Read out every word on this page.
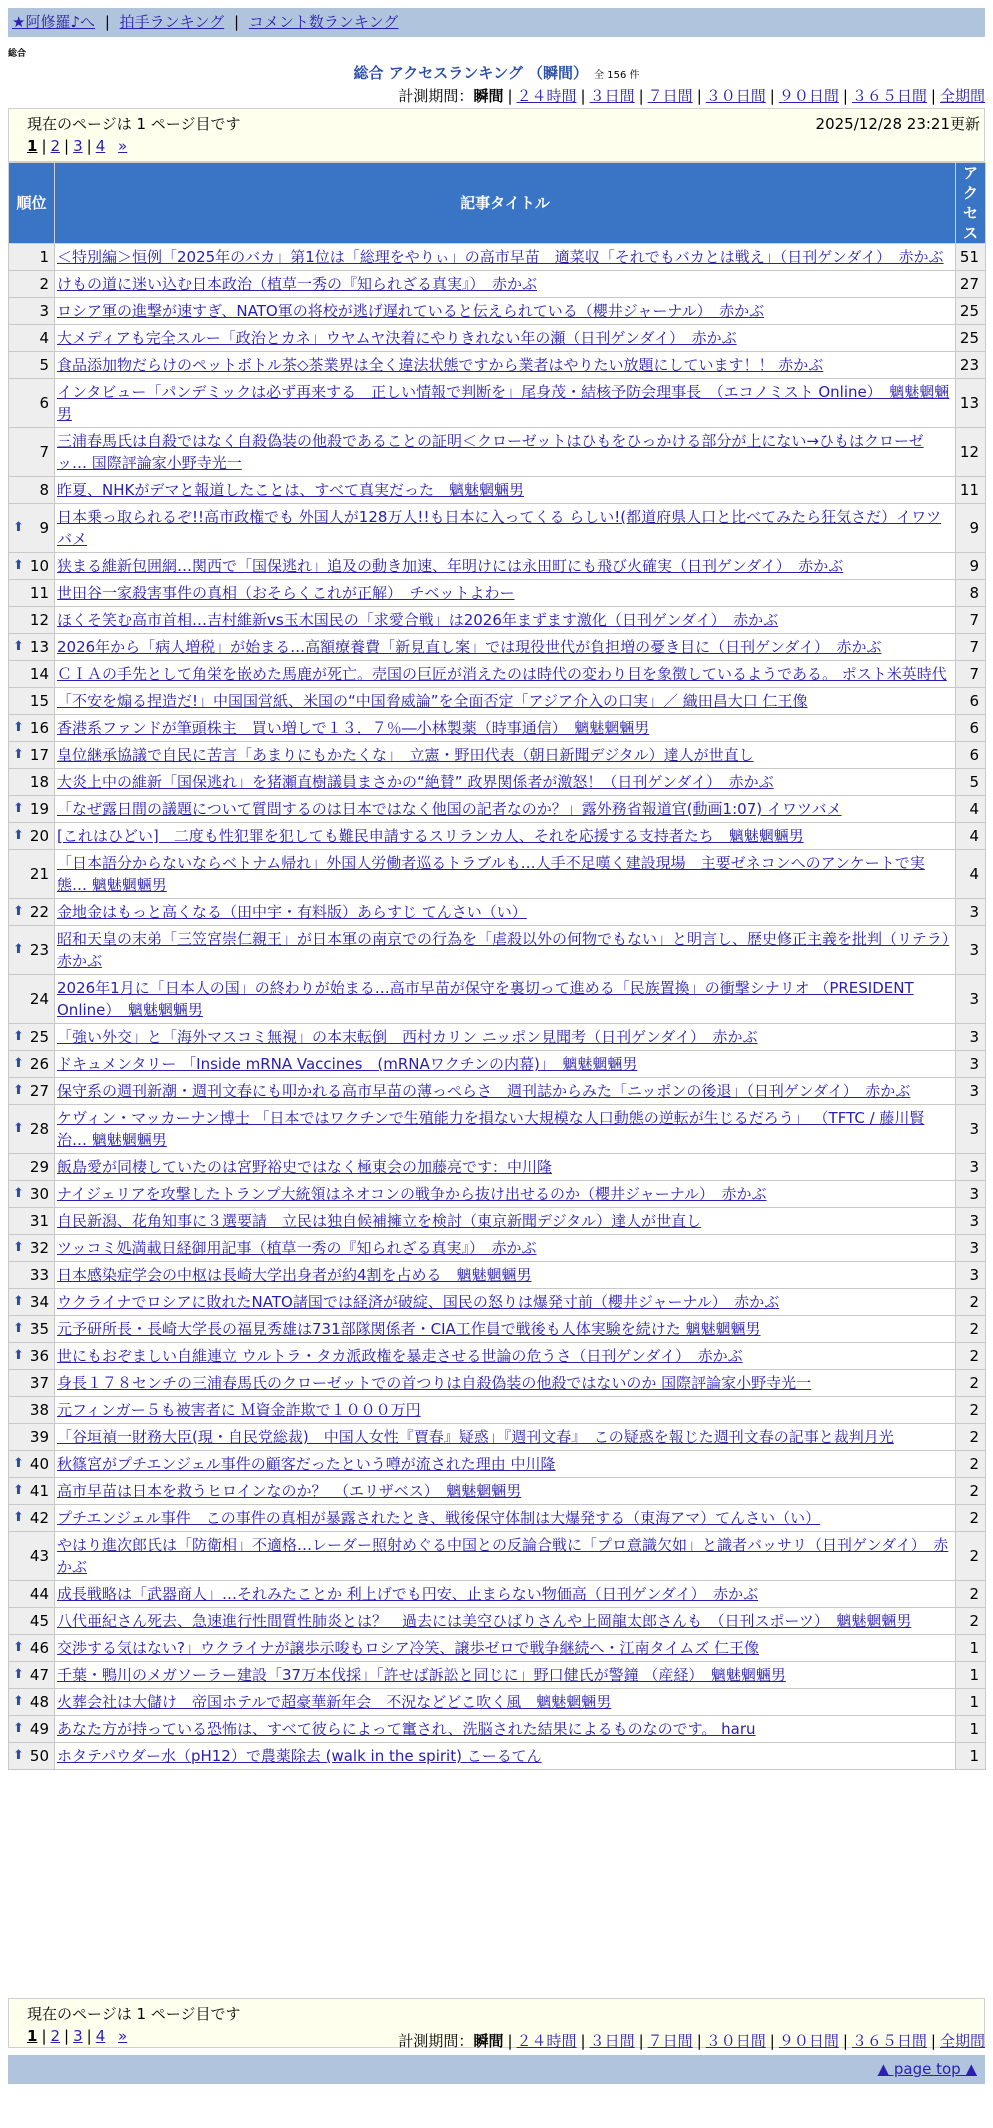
★阿修羅♪へ | 拍手ランキング | コメント数ランキング
総合
総合 アクセスランキング （瞬間） 全 156 件
計測期間：瞬間 | ２４時間 | ３日間 | ７日間 | ３０日間 | ９０日間 | ３６５日間 | 全期間
現在のページは 1 ページ目です	2025/12/28 23:21更新
1 | 2 | 3 | 4 »
順位	記事タイトル	アクセス
1	＜特別編＞恒例「2025年のバカ」第1位は「総理をやりぃ」の高市早苗　適菜収「それでもバカとは戦え」（日刊ゲンダイ）　赤かぶ	51
2	けもの道に迷い込む日本政治（植草一秀の『知られざる真実』）　赤かぶ	27
3	ロシア軍の進撃が速すぎ、NATO軍の将校が逃げ遅れていると伝えられている（櫻井ジャーナル）　赤かぶ	25
4	大メディアも完全スルー「政治とカネ」ウヤムヤ決着にやりきれない年の瀬（日刊ゲンダイ）　赤かぶ	25
5	食品添加物だらけのペットボトル茶◇茶業界は全く違法状態ですから業者はやりたい放題にしています！！ 赤かぶ	23
6	インタビュー「パンデミックは必ず再来する　正しい情報で判断を」尾身茂・結核予防会理事長　（エコノミスト Online）　魑魅魍魎男	13
7	三浦春馬氏は自殺ではなく自殺偽装の他殺であることの証明＜クローゼットはひもをひっかける部分が上にない→ひもはクローゼッ… 国際評論家小野寺光一	12
8	昨夏、NHKがデマと報道したことは、すべて真実だった　魑魅魍魎男	11

⬆ 9	日本乗っ取られるぞ!!高市政権でも 外国人が128万人!!も日本に入ってくる らしい!(都道府県人口と比べてみたら狂気さだ）イワツバメ	9

⬆ 10	狭まる維新包囲網…関西で「国保逃れ」追及の動き加速、年明けには永田町にも飛び火確実（日刊ゲンダイ）　赤かぶ	9
11	世田谷一家殺害事件の真相（おそらくこれが正解）　チベットよわー	8
12	ほくそ笑む高市首相…吉村維新vs玉木国民の「求愛合戦」は2026年まずます激化（日刊ゲンダイ）　赤かぶ	7

⬆ 13	2026年から「病人増税」が始まる…高額療養費「新見直し案」では現役世代が負担増の憂き目に（日刊ゲンダイ）　赤かぶ	7
14	ＣＩＡの手先として角栄を嵌めた馬鹿が死亡。売国の巨匠が消えたのは時代の変わり目を象徴しているようである。 ポスト米英時代	7
15	「不安を煽る捏造だ!」中国国営紙、米国の“中国脅威論”を全面否定「アジア介入の口実」／ 織田昌大口 仁王像	6

⬆ 16	香港系ファンドが筆頭株主　買い増しで１３．７％―小林製薬（時事通信）　魑魅魍魎男	6

⬆ 17	皇位継承協議で自民に苦言「あまりにもかたくな」　立憲・野田代表（朝日新聞デジタル）達人が世直し	6
18	大炎上中の維新「国保逃れ」を猪瀬直樹議員まさかの“絶賛” 政界関係者が激怒！（日刊ゲンダイ）　赤かぶ	5

⬆ 19	「なぜ露日間の議題について質問するのは日本ではなく他国の記者なのか？」露外務省報道官(動画1:07) イワツバメ	4

⬆ 20	[これはひどい]　二度も性犯罪を犯しても難民申請するスリランカ人、それを応援する支持者たち　魑魅魍魎男	4
21	「日本語分からないならベトナム帰れ」外国人労働者巡るトラブルも…人手不足嘆く建設現場　主要ゼネコンへのアンケートで実態… 魑魅魍魎男	4

⬆ 22	金地金はもっと高くなる（田中宇・有料版）あらすじ てんさい（い）	3

⬆ 23	昭和天皇の末弟「三笠宮崇仁親王」が日本軍の南京での行為を「虐殺以外の何物でもない」と明言し、歴史修正主義を批判（リテラ）赤かぶ	3
24	2026年1月に「日本人の国」の終わりが始まる…高市早苗が保守を裏切って進める「民族置換」の衝撃シナリオ （PRESIDENT Online）　魑魅魍魎男	3

⬆ 25	「強い外交」と「海外マスコミ無視」の本末転倒　西村カリン ニッポン見聞考（日刊ゲンダイ）　赤かぶ	3

⬆ 26	ドキュメンタリー 「Inside mRNA Vaccines　(mRNAワクチンの内幕)」　魑魅魍魎男	3

⬆ 27	保守系の週刊新潮・週刊文春にも叩かれる高市早苗の薄っぺらさ　週刊誌からみた「ニッポンの後退」（日刊ゲンダイ）　赤かぶ	3

⬆ 28	ケヴィン・マッカーナン博士 「日本ではワクチンで生殖能力を損ない大規模な人口動態の逆転が生じるだろう」 （TFTC / 藤川賢治… 魑魅魍魎男	3
29	飯島愛が同棲していたのは宮野裕史ではなく極東会の加藤亮です：中川隆	3

⬆ 30	ナイジェリアを攻撃したトランプ大統領はネオコンの戦争から抜け出せるのか（櫻井ジャーナル）　赤かぶ	3
31	自民新潟、花角知事に３選要請　立民は独自候補擁立を検討（東京新聞デジタル）達人が世直し	3

⬆ 32	ツッコミ処満載日経御用記事（植草一秀の『知られざる真実』）　赤かぶ	3
33	日本感染症学会の中枢は長崎大学出身者が約4割を占める　魑魅魍魎男	3

⬆ 34	ウクライナでロシアに敗れたNATO諸国では経済が破綻、国民の怒りは爆発寸前（櫻井ジャーナル）　赤かぶ	2

⬆ 35	元予研所長・長崎大学長の福見秀雄は731部隊関係者・CIA工作員で戦後も人体実験を続けた 魑魅魍魎男	2

⬆ 36	世にもおぞましい自維連立 ウルトラ・タカ派政権を暴走させる世論の危うさ（日刊ゲンダイ）　赤かぶ	2
37	身長１７８センチの三浦春馬氏のクローゼットでの首つりは自殺偽装の他殺ではないのか 国際評論家小野寺光一	2
38	元フィンガー５も被害者に Ｍ資金詐欺で１０００万円	2
39	「谷垣禎一財務大臣(現・自民党総裁)　中国人女性『賈春』疑惑」『週刊文春』　この疑惑を報じた週刊文春の記事と裁判月光	2

⬆ 40	秋篠宮がプチエンジェル事件の顧客だったという噂が流された理由 中川隆	2

⬆ 41	高市早苗は日本を救うヒロインなのか？　（エリザベス）　魑魅魍魎男	2

⬆ 42	プチエンジェル事件　この事件の真相が暴露されたとき、戦後保守体制は大爆発する（東海アマ）てんさい（い）	2
43	やはり進次郎氏は「防衛相」不適格…レーダー照射めぐる中国との反論合戦に「プロ意識欠如」と識者バッサリ（日刊ゲンダイ）　赤かぶ	2
44	成長戦略は「武器商人」…それみたことか 利上げでも円安、止まらない物価高（日刊ゲンダイ）　赤かぶ	2
45	八代亜紀さん死去、急速進行性間質性肺炎とは？　過去には美空ひばりさんや上岡龍太郎さんも　（日刊スポーツ）　魑魅魍魎男	2

⬆ 46	交渉する気はない?」ウクライナが譲歩示唆もロシア冷笑、譲歩ゼロで戦争継続へ・江南タイムズ 仁王像	1

⬆ 47	千葉・鴨川のメガソーラー建設「37万本伐採」「許せば訴訟と同じに」野口健氏が警鐘 （産経）　魑魅魍魎男	1

⬆ 48	火葬会社は大儲け　帝国ホテルで超豪華新年会　不況などどこ吹く風　魑魅魍魎男	1

⬆ 49	あなた方が持っている恐怖は、すべて彼らによって竃され、洗脳された結果によるものなのです。 haru	1

⬆ 50	ホタテパウダー水（pH12）で農薬除去 (walk in the spirit) こーるてん	1
現在のページは 1 ページ目です
1 | 2 | 3 | 4 »	計測期間：瞬間 | ２４時間 | ３日間 | ７日間 | ３０日間 | ９０日間 | ３６５日間 | 全期間
▲ page top ▲
